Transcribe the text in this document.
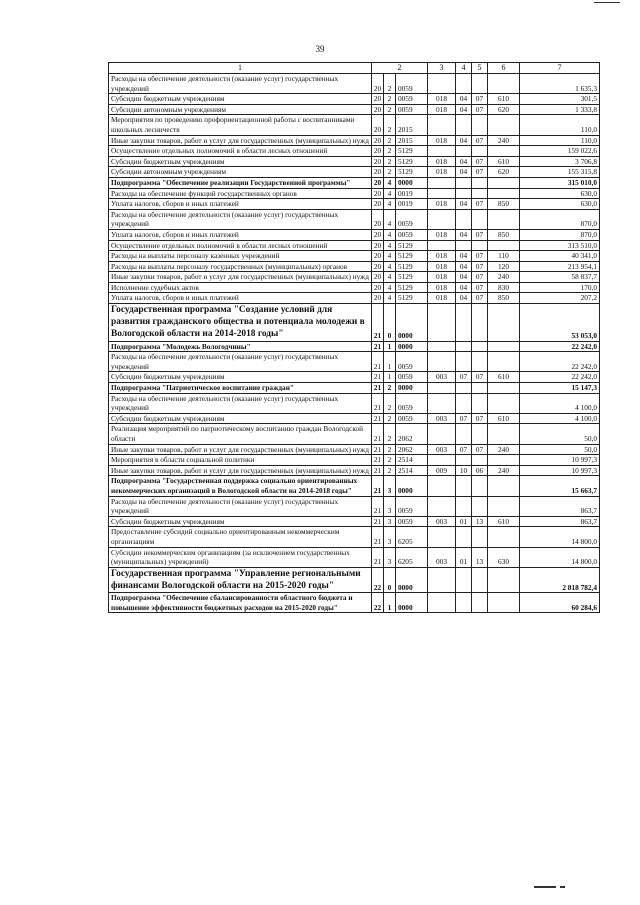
39
1	2			3	4	5	6	7
Расходы на обеспечение деятельности (оказание услуг) государственных учреждений	20	2	0059					1 635,3
Субсидии бюджетным учреждениям	20	2	0059	018	04	07	610	301,5
Субсидии автономным учреждениям	20	2	0059	018	04	07	620	1 333,8
Мероприятия по проведению профориентационной работы с воспитанниками школьных лесничеств	20	2	2015					110,0
Иные закупки товаров, работ и услуг для государственных (муниципальных) нужд	20	2	2015	018	04	07	240	110,0
Осуществление отдельных полномочий в области лесных отношений	20	2	5129					159 022,6
Субсидии бюджетным учреждениям	20	2	5129	018	04	07	610	3 706,8
Субсидии автономным учреждениям	20	2	5129	018	04	07	620	155 315,8
Подпрограмма "Обеспечение реализации Государственной программы"	20	4	0000					315 010,0
Расходы на обеспечение функций государственных органов	20	4	0019					630,0
Уплата налогов, сборов и иных платежей	20	4	0019	018	04	07	850	630,0
Расходы на обеспечение деятельности (оказание услуг) государственных учреждений	20	4	0059					870,0
Уплата налогов, сборов и иных платежей	20	4	0059	018	04	07	850	870,0
Осуществление отдельных полномочий в области лесных отношений	20	4	5129					313 510,0
Расходы на выплаты персоналу казенных учреждений	20	4	5129	018	04	07	110	40 341,0
Расходы на выплаты персоналу государственных (муниципальных) органов	20	4	5129	018	04	07	120	213 954,1
Иные закупки товаров, работ и услуг для государственных (муниципальных) нужд	20	4	5129	018	04	07	240	58 837,7
Исполнение судебных актов	20	4	5129	018	04	07	830	170,0
Уплата налогов, сборов и иных платежей	20	4	5129	018	04	07	850	207,2
Государственная программа "Создание условий для развития гражданского общества и потенциала молодежи в Вологодской области на 2014-2018 годы"	21	0	0000					53 053,0
Подпрограмма "Молодежь Вологодчины"	21	1	0000					22 242,0
Расходы на обеспечение деятельности (оказание услуг) государственных учреждений	21	1	0059					22 242,0
Субсидии бюджетным учреждениям	21	1	0059	003	07	07	610	22 242,0
Подпрограмма "Патриотическое воспитание граждан"	21	2	0000					15 147,3
Расходы на обеспечение деятельности (оказание услуг) государственных учреждений	21	2	0059					4 100,0
Субсидии бюджетным учреждениям	21	2	0059	003	07	07	610	4 100,0
Реализация мероприятий по патриотическому воспитанию граждан Вологодской области	21	2	2062					50,0
Иные закупки товаров, работ и услуг для государственных (муниципальных) нужд	21	2	2062	003	07	07	240	50,0
Мероприятия в области социальной политики	21	2	2514					10 997,3
Иные закупки товаров, работ и услуг для государственных (муниципальных) нужд	21	2	2514	009	10	06	240	10 997,3
Подпрограмма "Государственная поддержка социально ориентированных некоммерческих организаций в Вологодской области на 2014-2018 годы"	21	3	0000					15 663,7
Расходы на обеспечение деятельности (оказание услуг) государственных учреждений	21	3	0059					863,7
Субсидии бюджетным учреждениям	21	3	0059	003	01	13	610	863,7
Предоставление субсидий социально ориентированным некоммерческим организациям	21	3	6205					14 800,0
Субсидии некоммерческим организациям (за исключением государственных (муниципальных) учреждений)	21	3	6205	003	01	13	630	14 800,0
Государственная программа "Управление региональными финансами Вологодской области на 2015-2020 годы"	22	0	0000					2 818 782,4
Подпрограмма "Обеспечение сбалансированности областного бюджета и повышение эффективности бюджетных расходов на 2015-2020 годы"	22	1	0000					60 284,6
